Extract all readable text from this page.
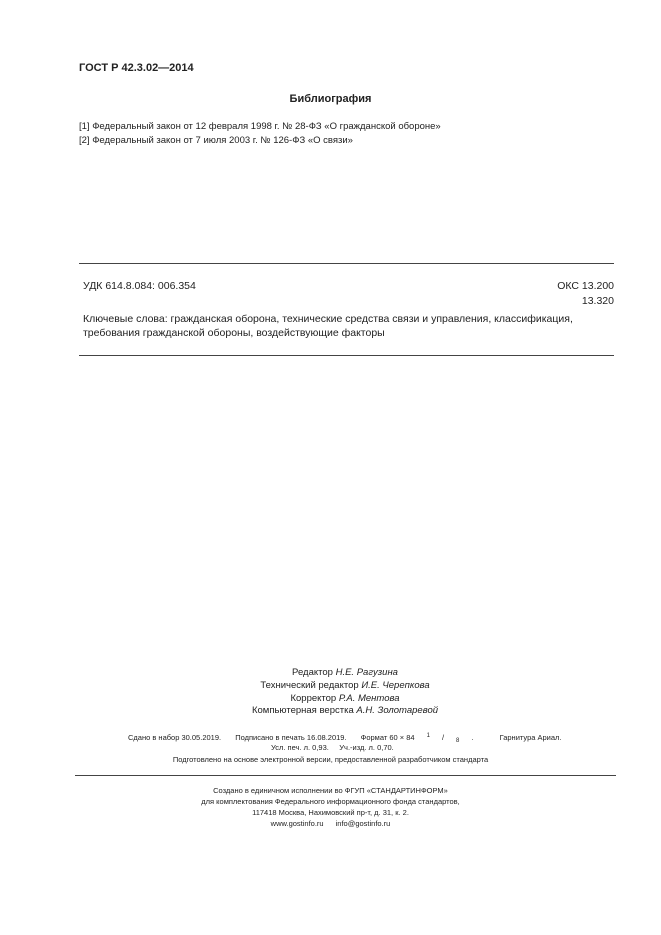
ГОСТ Р 42.3.02—2014
Библиография
[1] Федеральный закон от 12 февраля 1998 г. № 28-ФЗ «О гражданской обороне»
[2] Федеральный закон от 7 июля 2003 г. № 126-ФЗ «О связи»
УДК 614.8.084: 006.354	ОКС 13.200
13.320
Ключевые слова: гражданская оборона, технические средства связи и управления, классификация,
требования гражданской обороны, воздействующие факторы
Редактор Н.Е. Рагузина
Технический редактор И.Е. Черепкова
Корректор Р.А. Ментова
Компьютерная верстка А.Н. Золотаревой
Сдано в набор 30.05.2019. Подписано в печать 16.08.2019. Формат 60 × 84 $^1$ / $_8$ .	Гарнитура Ариал.
Усл. печ. л. 0,93. Уч.-изд. л. 0,70.
Подготовлено на основе электронной версии, предоставленной разработчиком стандарта
Создано в единичном исполнении во ФГУП «СТАНДАРТИНФОРМ»
для комплектования Федерального информационного фонда стандартов,
117418 Москва, Нахимовский пр-т, д. 31, к. 2.
www.gostinfo.ru info@gostinfo.ru
